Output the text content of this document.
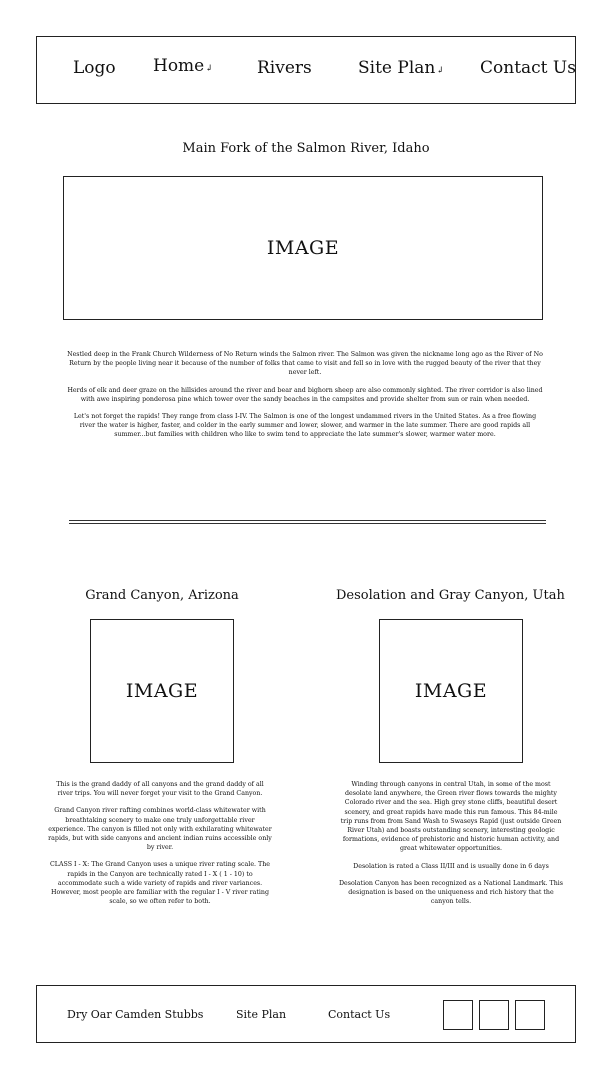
Logo Home↲	Rivers	Site Plan↲ Contact Us
Main Fork of the Salmon River, Idaho
IMAGE

Nestled deep in the Frank Church Wilderness of No Return winds the Salmon river. The Salmon was given the nickname long ago as the River of No Return by the people living near it because of the number of folks that came to visit and fell so in love with the rugged beauty of the river that they never left.

Herds of elk and deer graze on the hillsides around the river and bear and bighorn sheep are also commonly sighted. The river corridor is also lined with awe inspiring ponderosa pine which tower over the sandy beaches in the campsites and provide shelter from sun or rain when needed.

Let's not forget the rapids! They range from class I-IV. The Salmon is one of the longest undammed rivers in the United States. As a free flowing river the water is higher, faster, and colder in the early summer and lower, slower, and warmer in the late summer. There are good rapids all summer...but families with children who like to swim tend to appreciate the late summer's slower, warmer water more.

Grand Canyon, Arizona
IMAGE

This is the grand daddy of all canyons and the grand daddy of all river trips. You will never forget your visit to the Grand Canyon.

Grand Canyon river rafting combines world-class whitewater with breathtaking scenery to make one truly unforgettable river experience. The canyon is filled not only with exhilarating whitewater rapids, but with side canyons and ancient indian ruins accessible only by river.

CLASS I - X: The Grand Canyon uses a unique river rating scale. The rapids in the Canyon are technically rated I - X ( 1 - 10) to accommodate such a wide variety of rapids and river variances. However, most people are familiar with the regular I - V river rating scale, so we often refer to both.

Desolation and Gray Canyon, Utah
IMAGE

Winding through canyons in central Utah, in some of the most desolate land anywhere, the Green river flows towards the mighty Colorado river and the sea. High grey stone cliffs, beautiful desert scenery, and great rapids have made this run famous. This 84-mile trip runs from from Sand Wash to Swaseys Rapid (just outside Green River Utah) and boasts outstanding scenery, interesting geologic formations, evidence of prehistoric and historic human activity, and great whitewater opportunities.

Desolation is rated a Class II/III and is usually done in 6 days

Desolation Canyon has been recognized as a National Landmark. This designation is based on the uniqueness and rich history that the canyon tells.

Dry Oar Camden Stubbs	Site Plan	Contact Us
